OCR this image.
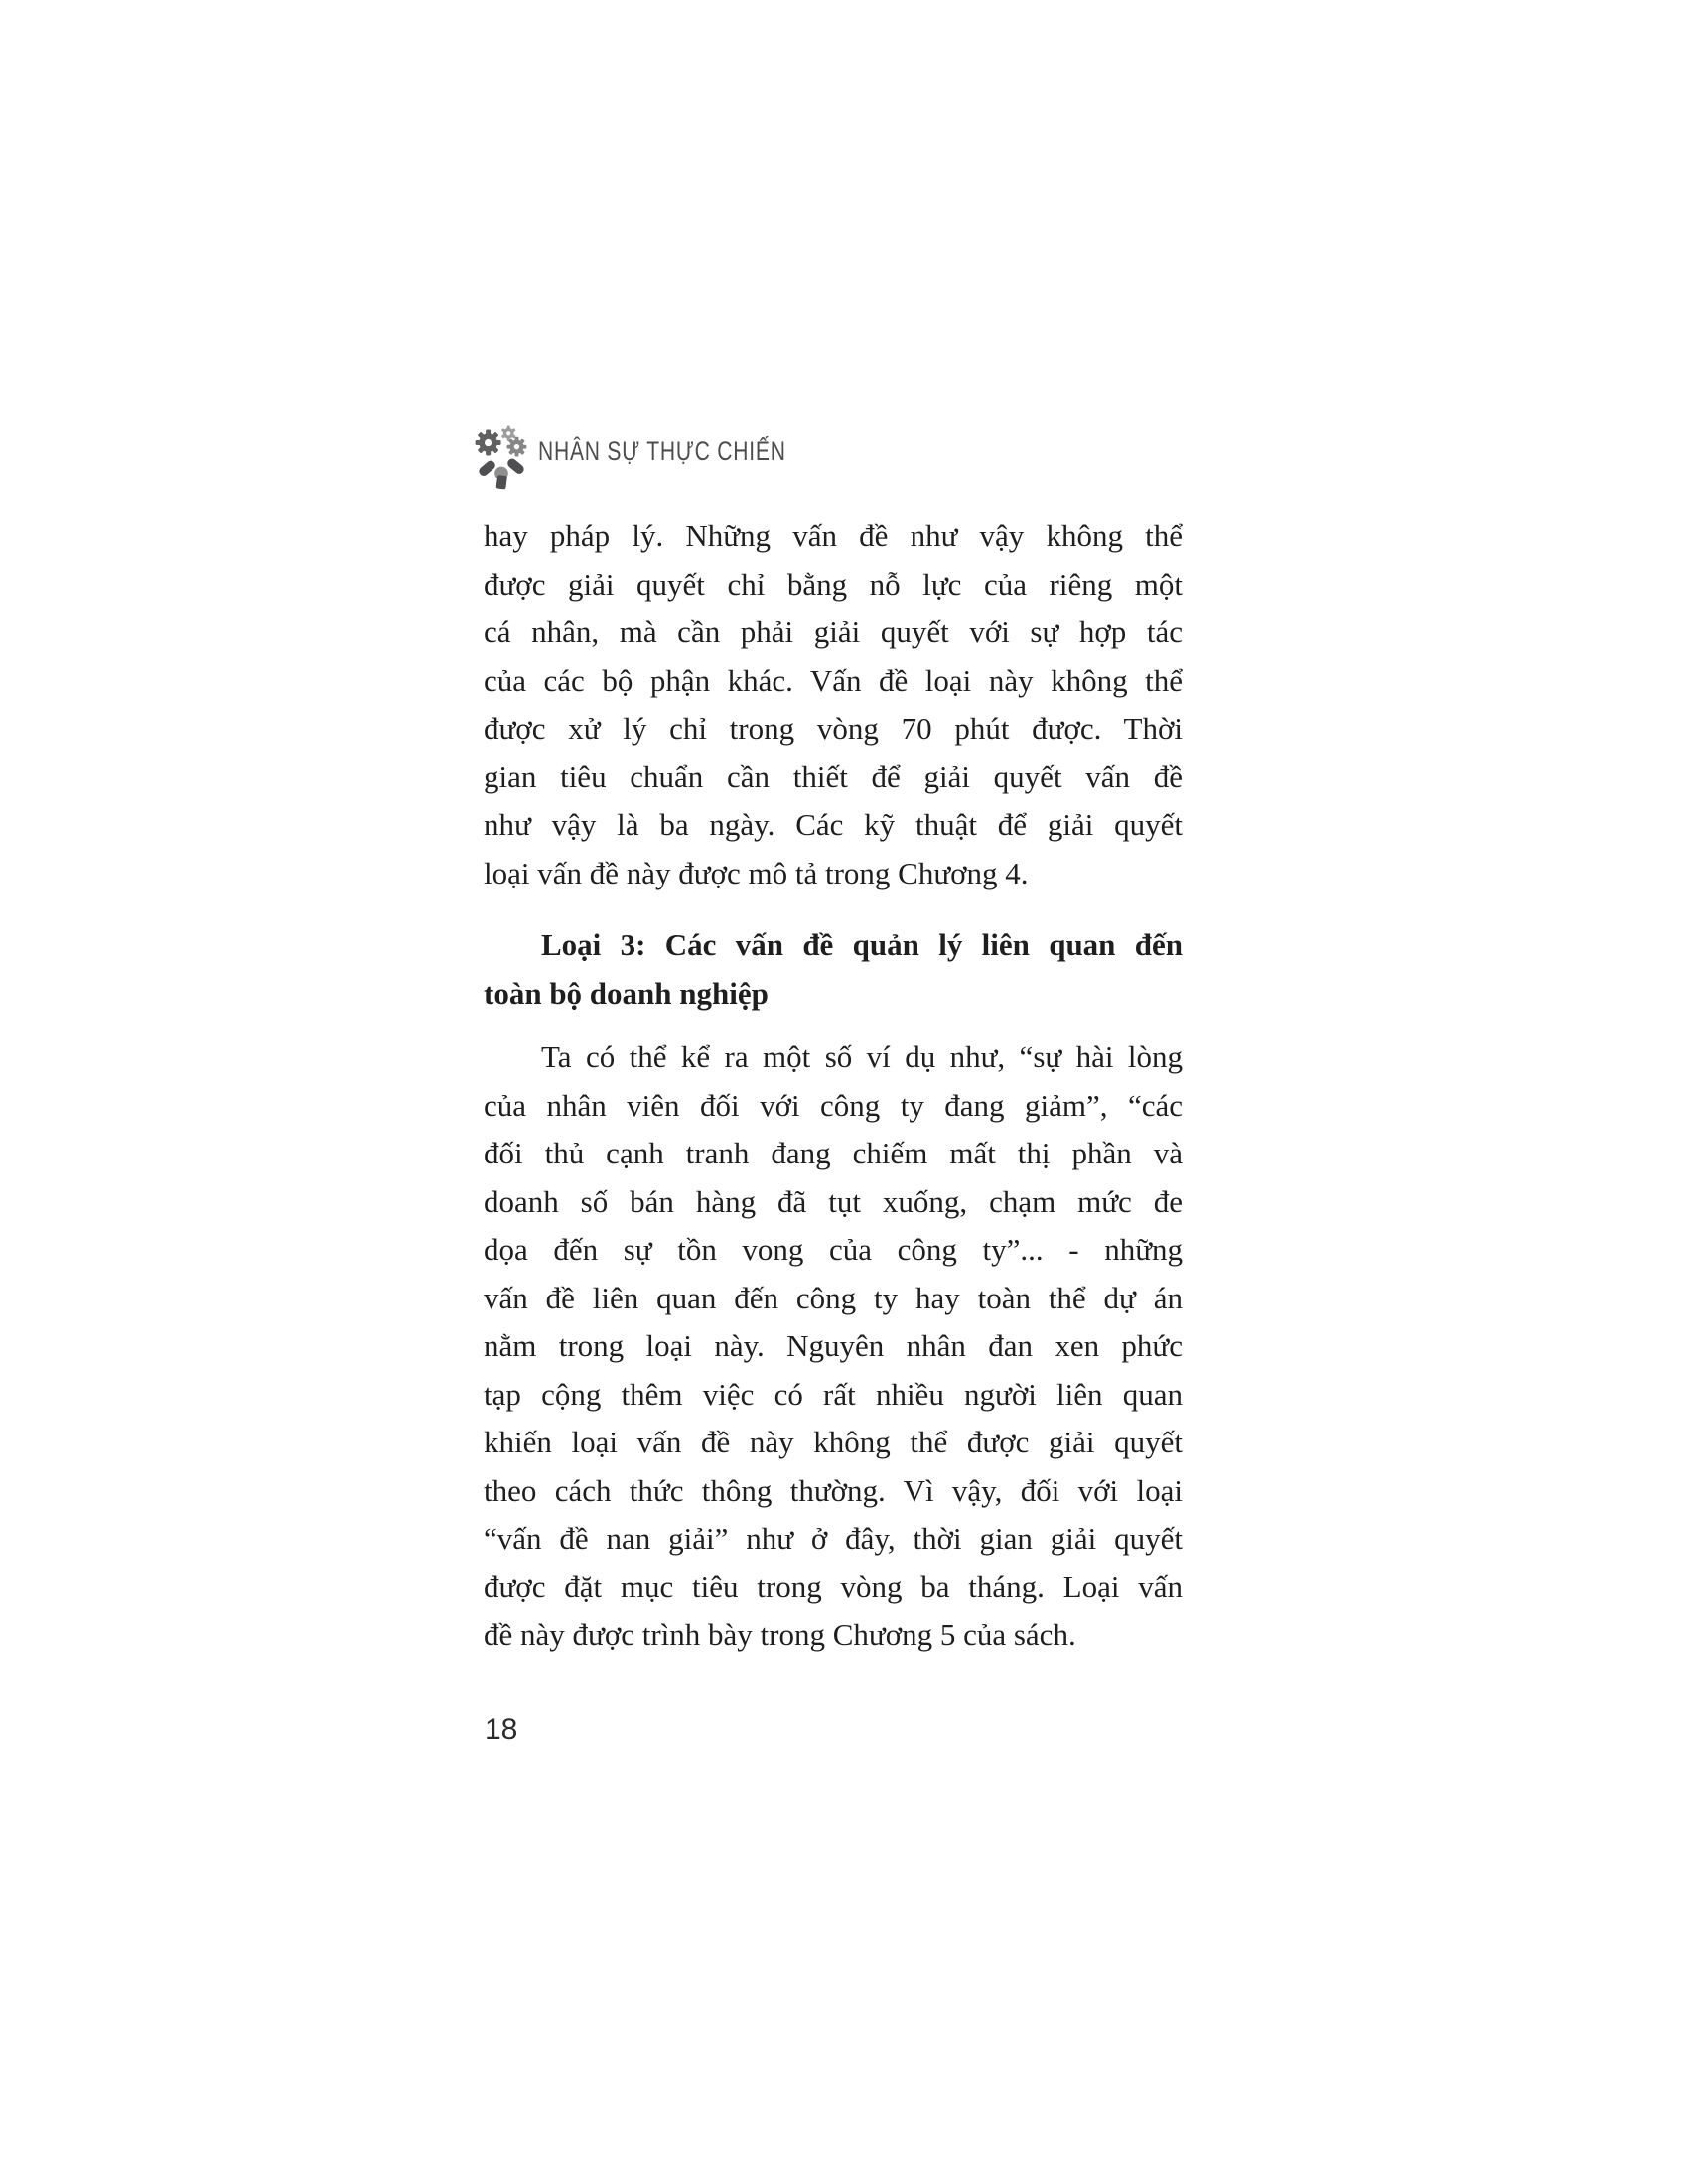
NHÂN SỰ THỰC CHIẾN
hay pháp lý. Những vấn đề như vậy không thể
được giải quyết chỉ bằng nỗ lực của riêng một
cá nhân, mà cần phải giải quyết với sự hợp tác
của các bộ phận khác. Vấn đề loại này không thể
được xử lý chỉ trong vòng 70 phút được. Thời
gian tiêu chuẩn cần thiết để giải quyết vấn đề
như vậy là ba ngày. Các kỹ thuật để giải quyết
loại vấn đề này được mô tả trong Chương 4.
Loại 3: Các vấn đề quản lý liên quan đến
toàn bộ doanh nghiệp
Ta có thể kể ra một số ví dụ như, “sự hài lòng
của nhân viên đối với công ty đang giảm”, “các
đối thủ cạnh tranh đang chiếm mất thị phần và
doanh số bán hàng đã tụt xuống, chạm mức đe
dọa đến sự tồn vong của công ty”... - những
vấn đề liên quan đến công ty hay toàn thể dự án
nằm trong loại này. Nguyên nhân đan xen phức
tạp cộng thêm việc có rất nhiều người liên quan
khiến loại vấn đề này không thể được giải quyết
theo cách thức thông thường. Vì vậy, đối với loại
“vấn đề nan giải” như ở đây, thời gian giải quyết
được đặt mục tiêu trong vòng ba tháng. Loại vấn
đề này được trình bày trong Chương 5 của sách.
18
